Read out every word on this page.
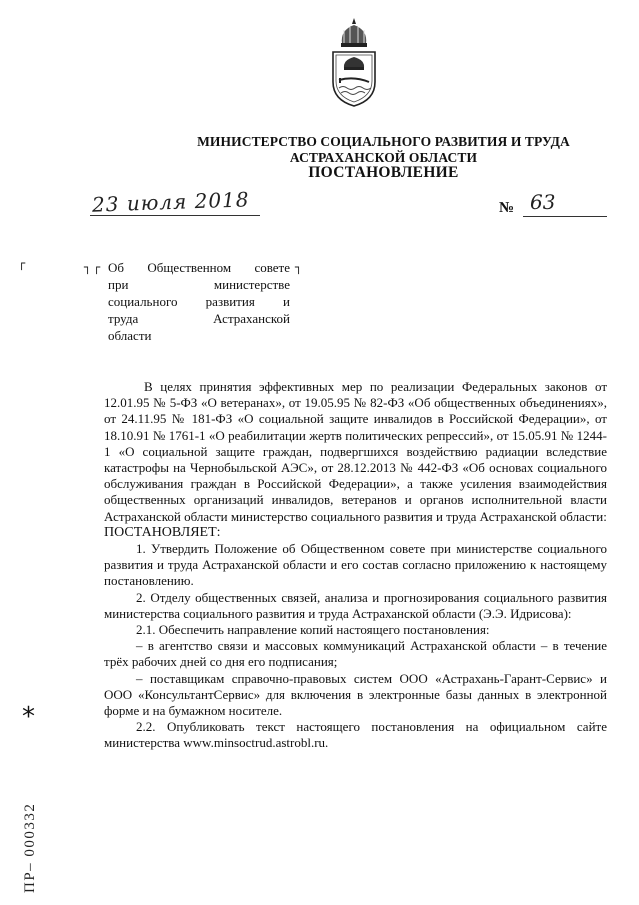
МИНИСТЕРСТВО СОЦИАЛЬНОГО РАЗВИТИЯ И ТРУДА
АСТРАХАНСКОЙ ОБЛАСТИ
ПОСТАНОВЛЕНИЕ
23 июля 2018	№ 63
┌	┐ ┌	┐
Об Общественном совете
при министерстве
социального развития и
труда Астраханской
области

В целях принятия эффективных мер по реализации Федеральных законов от 12.01.95 № 5-ФЗ «О ветеранах», от 19.05.95 № 82-ФЗ «Об общественных объединениях», от 24.11.95 № 181-ФЗ «О социальной защите инвалидов в Российской Федерации», от 18.10.91 № 1761-1 «О реабилитации жертв политических репрессий», от 15.05.91 № 1244-1 «О социальной защите граждан, подвергшихся воздействию радиации вследствие катастрофы на Чернобыльской АЭС», от 28.12.2013 № 442-ФЗ «Об основах социального обслуживания граждан в Российской Федерации», а также усиления взаимодействия общественных организаций инвалидов, ветеранов и органов исполнительной власти Астраханской области министерство социального развития и труда Астраханской области:

ПОСТАНОВЛЯЕТ:

1. Утвердить Положение об Общественном совете при министерстве социального развития и труда Астраханской области и его состав согласно приложению к настоящему постановлению.

2. Отделу общественных связей, анализа и прогнозирования социального развития министерства социального развития и труда Астраханской области (Э.Э. Идрисова):

2.1. Обеспечить направление копий настоящего постановления:

– в агентство связи и массовых коммуникаций Астраханской области – в течение трёх рабочих дней со дня его подписания;

– поставщикам справочно-правовых систем ООО «Астрахань-Гарант-Сервис» и ООО «КонсультантСервис» для включения в электронные базы данных в электронной форме и на бумажном носителе.

2.2. Опубликовать текст настоящего постановления на официальном сайте министерства www.minsoctrud.astrobl.ru.

*
ПР– 000332
